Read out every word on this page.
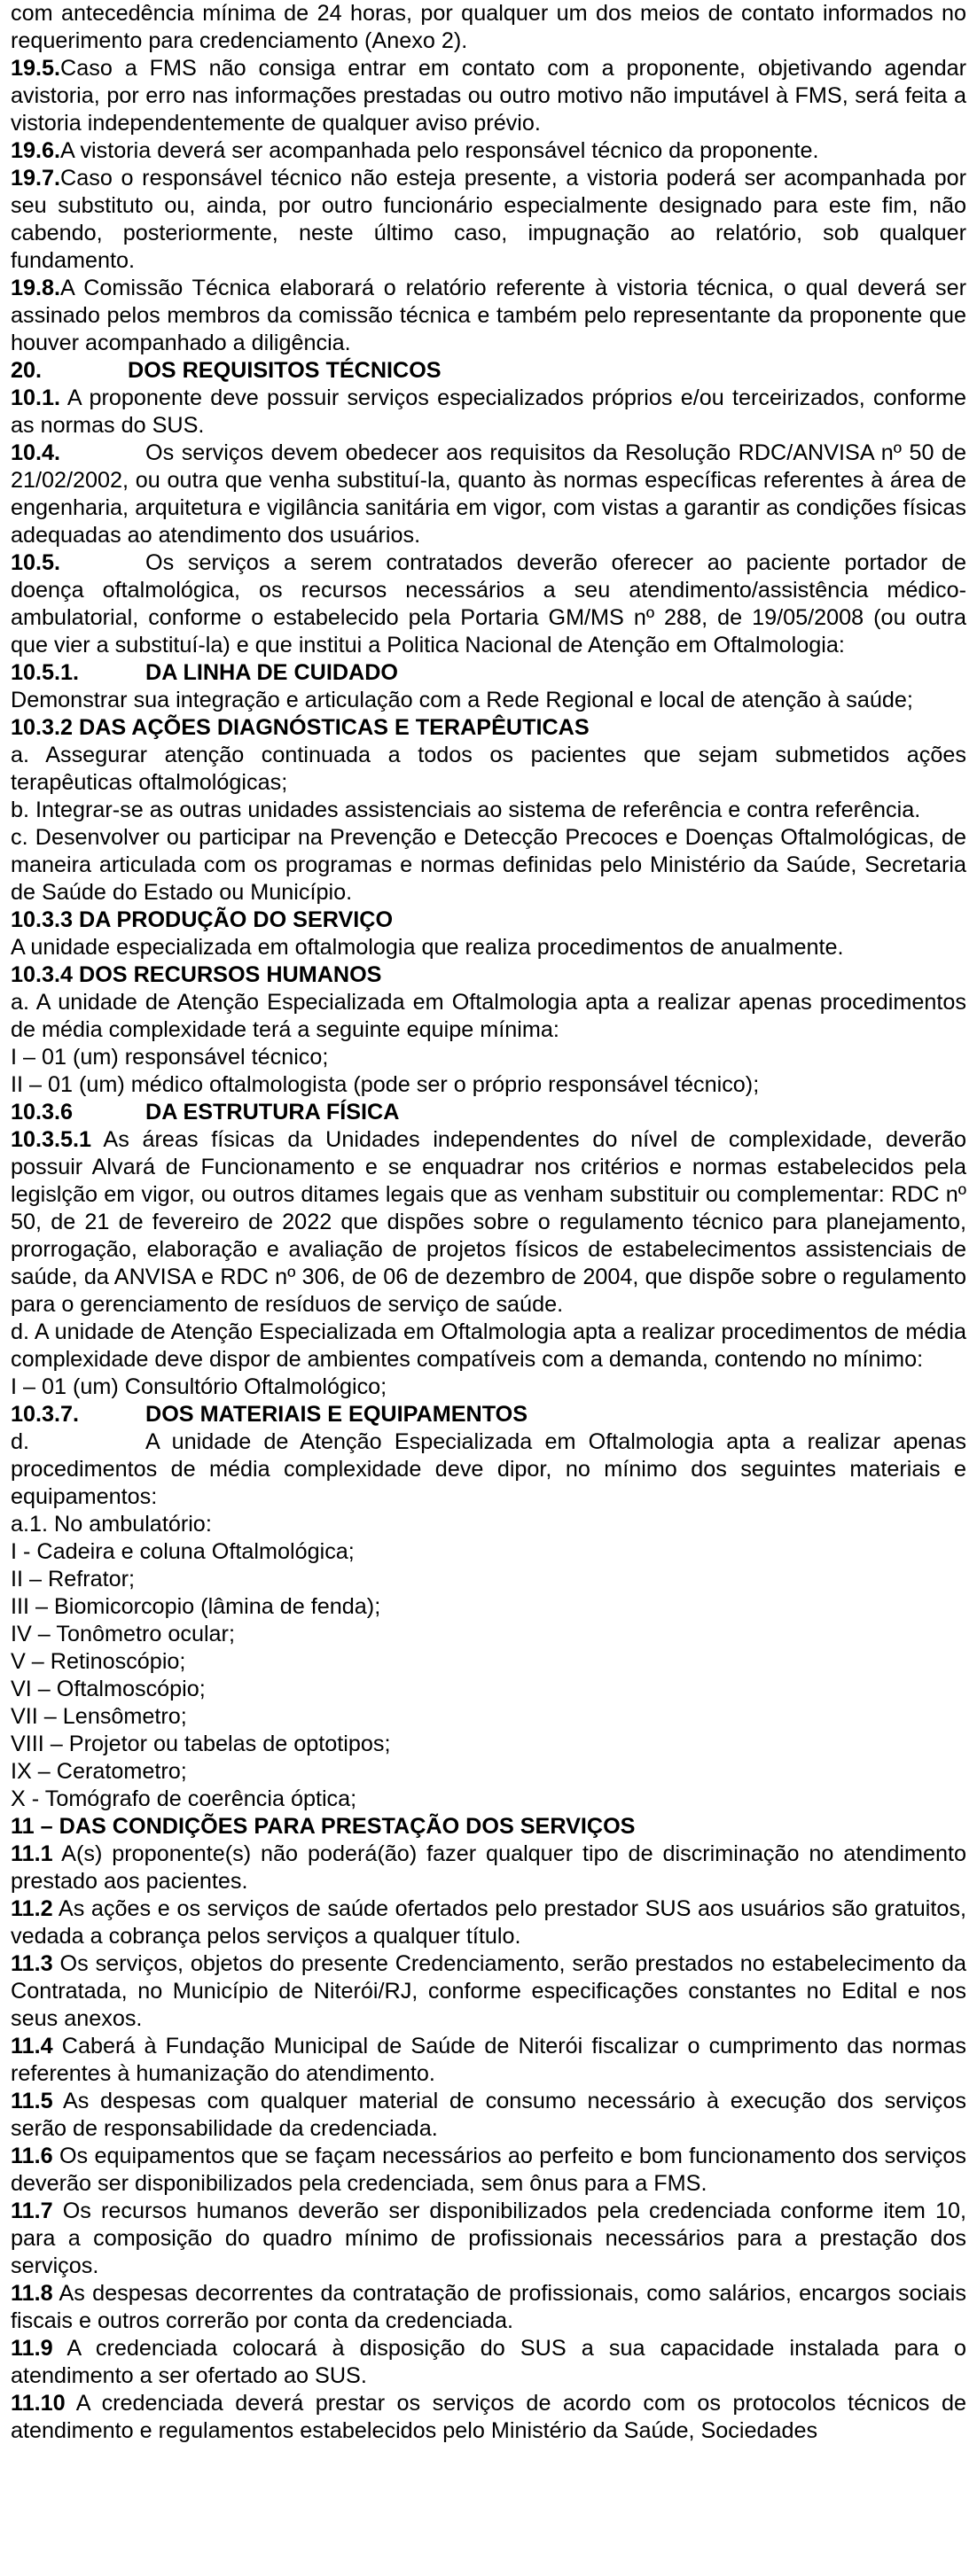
com antecedência mínima de 24 horas, por qualquer um dos meios de contato informados no requerimento para credenciamento (Anexo 2).

19.5.Caso a FMS não consiga entrar em contato com a proponente, objetivando agendar avistoria, por erro nas informações prestadas ou outro motivo não imputável à FMS, será feita a vistoria independentemente de qualquer aviso prévio.

19.6.A vistoria deverá ser acompanhada pelo responsável técnico da proponente.

19.7.Caso o responsável técnico não esteja presente, a vistoria poderá ser acompanhada por seu substituto ou, ainda, por outro funcionário especialmente designado para este fim, não cabendo, posteriormente, neste último caso, impugnação ao relatório, sob qualquer fundamento.

19.8.A Comissão Técnica elaborará o relatório referente à vistoria técnica, o qual deverá ser assinado pelos membros da comissão técnica e também pelo representante da proponente que houver acompanhado a diligência.

20.	DOS REQUISITOS TÉCNICOS

10.1. A proponente deve possuir serviços especializados próprios e/ou terceirizados, conforme as normas do SUS.

10.4.	Os serviços devem obedecer aos requisitos da Resolução RDC/ANVISA nº 50 de 21/02/2002, ou outra que venha substituí-la, quanto às normas específicas referentes à área de engenharia, arquitetura e vigilância sanitária em vigor, com vistas a garantir as condições físicas adequadas ao atendimento dos usuários.

10.5.	Os serviços a serem contratados deverão oferecer ao paciente portador de doença oftalmológica, os recursos necessários a seu atendimento/assistência médico-ambulatorial, conforme o estabelecido pela Portaria GM/MS nº 288, de 19/05/2008 (ou outra que vier a substituí-la) e que institui a Politica Nacional de Atenção em Oftalmologia:

10.5.1.	DA LINHA DE CUIDADO

Demonstrar sua integração e articulação com a Rede Regional e local de atenção à saúde;

10.3.2 DAS AÇÕES DIAGNÓSTICAS E TERAPÊUTICAS

a. Assegurar atenção continuada a todos os pacientes que sejam submetidos ações terapêuticas oftalmológicas;

b. Integrar-se as outras unidades assistenciais ao sistema de referência e contra referência.

c. Desenvolver ou participar na Prevenção e Detecção Precoces e Doenças Oftalmológicas, de maneira articulada com os programas e normas definidas pelo Ministério da Saúde, Secretaria de Saúde do Estado ou Município.

10.3.3 DA PRODUÇÃO DO SERVIÇO

A unidade especializada em oftalmologia que realiza procedimentos de anualmente.

10.3.4 DOS RECURSOS HUMANOS

a. A unidade de Atenção Especializada em Oftalmologia apta a realizar apenas procedimentos de média complexidade terá a seguinte equipe mínima:

I – 01 (um) responsável técnico;

II – 01 (um) médico oftalmologista (pode ser o próprio responsável técnico);

10.3.6	DA ESTRUTURA FÍSICA

10.3.5.1 As áreas físicas da Unidades independentes do nível de complexidade, deverão possuir Alvará de Funcionamento e se enquadrar nos critérios e normas estabelecidos pela legislção em vigor, ou outros ditames legais que as venham substituir ou complementar: RDC nº 50, de 21 de fevereiro de 2022 que dispões sobre o regulamento técnico para planejamento, prorrogação, elaboração e avaliação de projetos físicos de estabelecimentos assistenciais de saúde, da ANVISA e RDC nº 306, de 06 de dezembro de 2004, que dispõe sobre o regulamento para o gerenciamento de resíduos de serviço de saúde.

d. A unidade de Atenção Especializada em Oftalmologia apta a realizar procedimentos de média complexidade deve dispor de ambientes compatíveis com a demanda, contendo no mínimo:

I – 01 (um) Consultório Oftalmológico;

10.3.7.	DOS MATERIAIS E EQUIPAMENTOS

d.	A unidade de Atenção Especializada em Oftalmologia apta a realizar apenas procedimentos de média complexidade deve dipor, no mínimo dos seguintes materiais e equipamentos:

a.1. No ambulatório:

I - Cadeira e coluna Oftalmológica;

II – Refrator;

III – Biomicorcopio (lâmina de fenda);

IV – Tonômetro ocular;

V – Retinoscópio;

VI – Oftalmoscópio;

VII – Lensômetro;

VIII – Projetor ou tabelas de optotipos;

IX – Ceratometro;

X - Tomógrafo de coerência óptica;

11 – DAS CONDIÇÕES PARA PRESTAÇÃO DOS SERVIÇOS

11.1 A(s) proponente(s) não poderá(ão) fazer qualquer tipo de discriminação no atendimento prestado aos pacientes.

11.2 As ações e os serviços de saúde ofertados pelo prestador SUS aos usuários são gratuitos, vedada a cobrança pelos serviços a qualquer título.

11.3 Os serviços, objetos do presente Credenciamento, serão prestados no estabelecimento da Contratada, no Município de Niterói/RJ, conforme especificações constantes no Edital e nos seus anexos.

11.4 Caberá à Fundação Municipal de Saúde de Niterói fiscalizar o cumprimento das normas referentes à humanização do atendimento.

11.5 As despesas com qualquer material de consumo necessário à execução dos serviços serão de responsabilidade da credenciada.

11.6 Os equipamentos que se façam necessários ao perfeito e bom funcionamento dos serviços deverão ser disponibilizados pela credenciada, sem ônus para a FMS.

11.7 Os recursos humanos deverão ser disponibilizados pela credenciada conforme item 10, para a composição do quadro mínimo de profissionais necessários para a prestação dos serviços.

11.8 As despesas decorrentes da contratação de profissionais, como salários, encargos sociais fiscais e outros correrão por conta da credenciada.

11.9 A credenciada colocará à disposição do SUS a sua capacidade instalada para o atendimento a ser ofertado ao SUS.

11.10 A credenciada deverá prestar os serviços de acordo com os protocolos técnicos de atendimento e regulamentos estabelecidos pelo Ministério da Saúde, Sociedades
